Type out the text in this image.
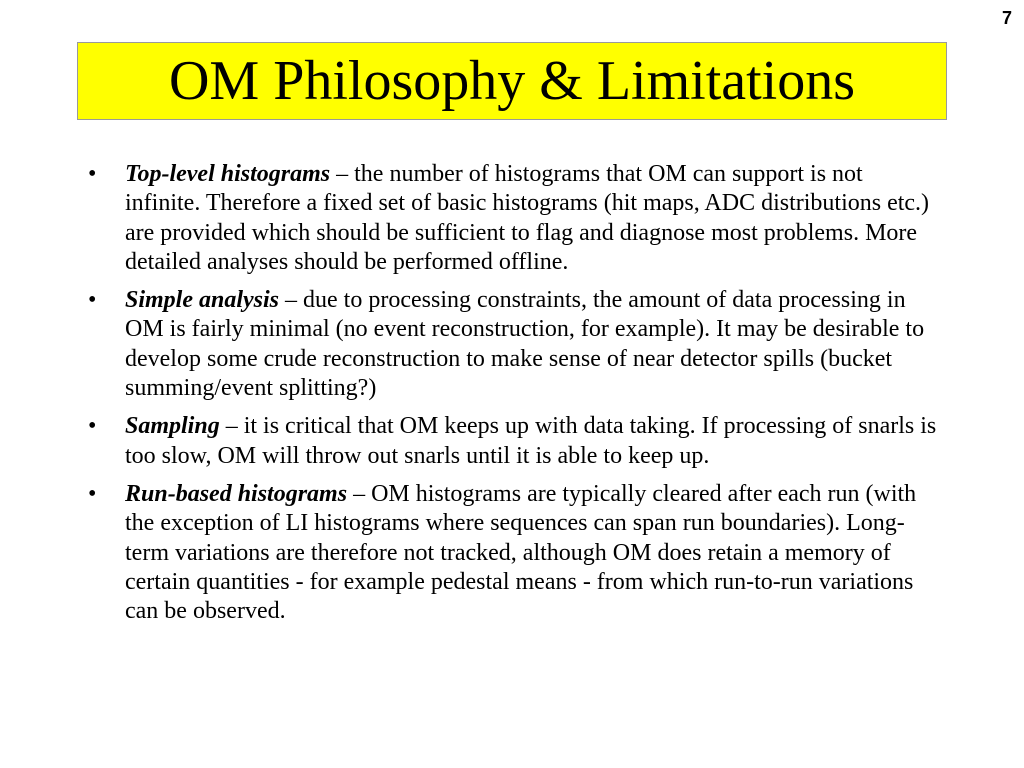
7
OM Philosophy & Limitations
• Top-level histograms – the number of histograms that OM can support is not infinite. Therefore a fixed set of basic histograms (hit maps, ADC distributions etc.) are provided which should be sufficient to flag and diagnose most problems. More detailed analyses should be performed offline.
• Simple analysis – due to processing constraints, the amount of data processing in OM is fairly minimal (no event reconstruction, for example). It may be desirable to develop some crude reconstruction to make sense of near detector spills (bucket summing/event splitting?)
• Sampling – it is critical that OM keeps up with data taking. If processing of snarls is too slow, OM will throw out snarls until it is able to keep up.
• Run-based histograms – OM histograms are typically cleared after each run (with the exception of LI histograms where sequences can span run boundaries). Long-term variations are therefore not tracked, although OM does retain a memory of certain quantities - for example pedestal means - from which run-to-run variations can be observed.
